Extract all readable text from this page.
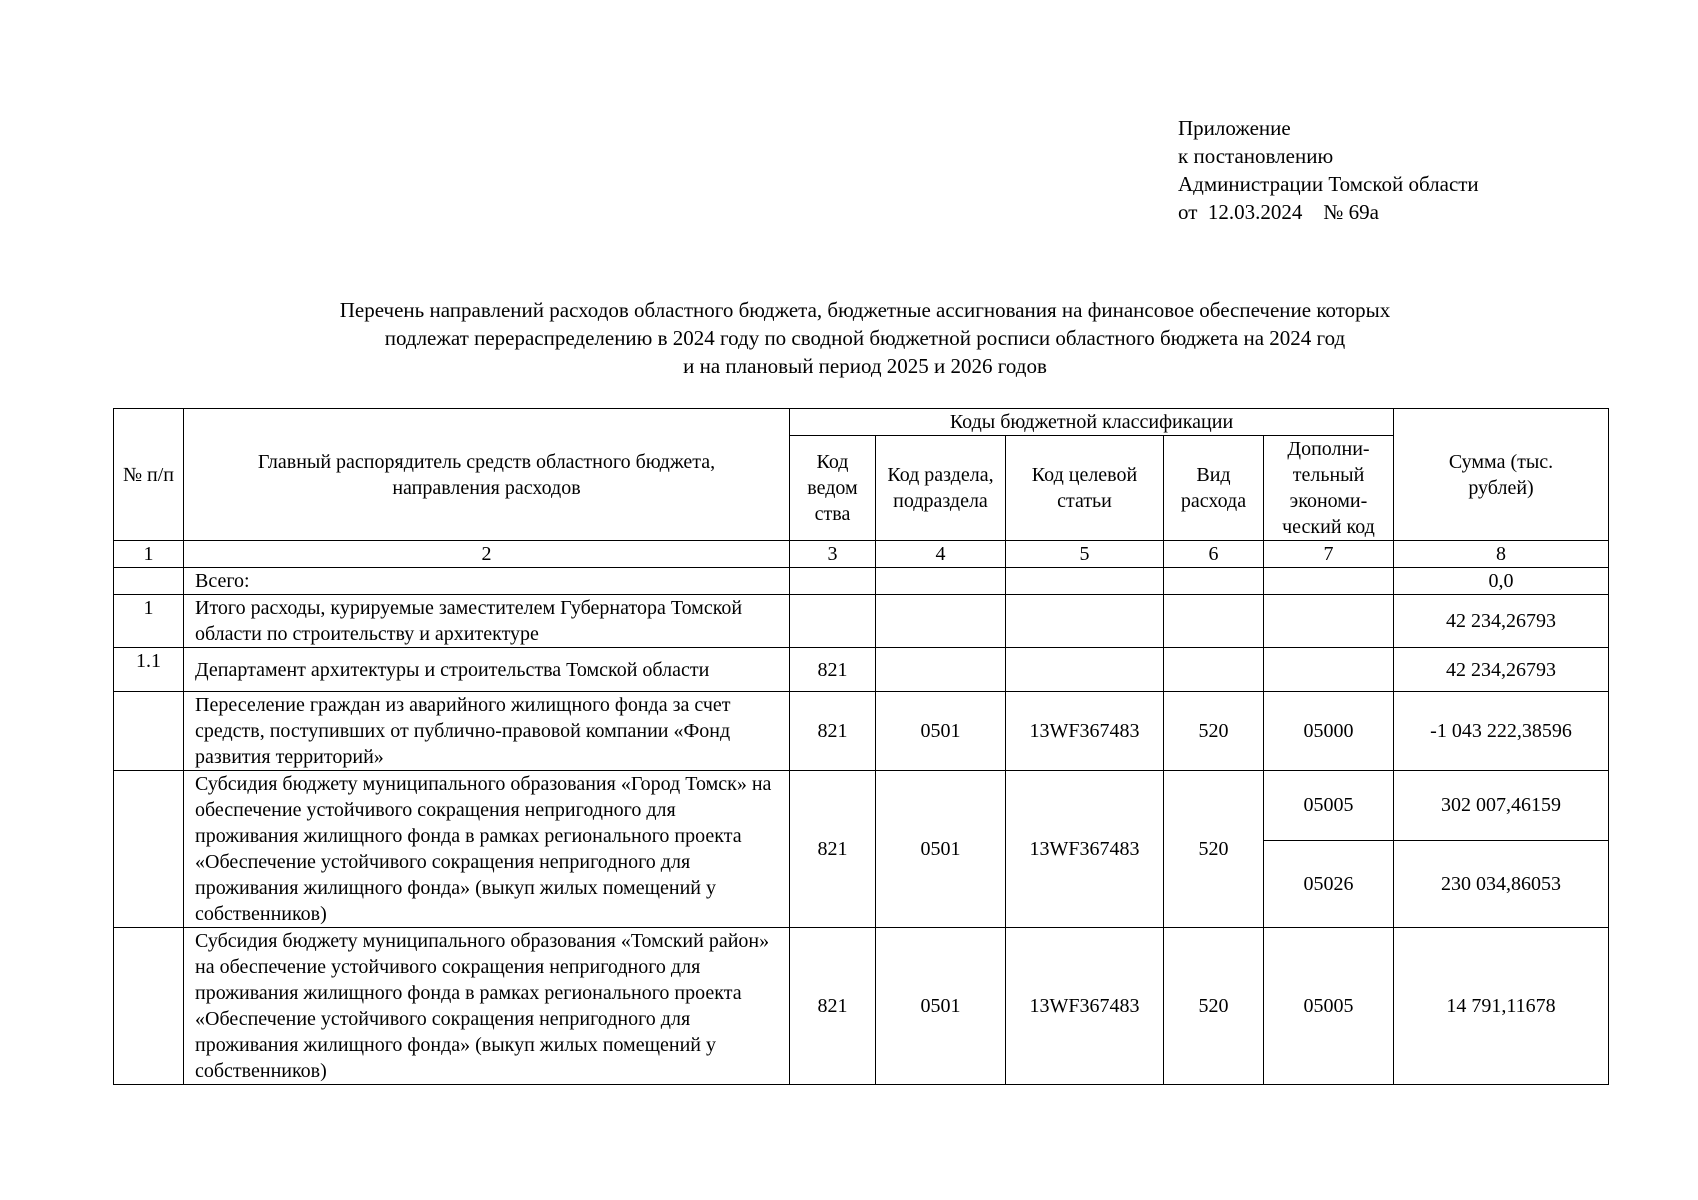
Приложение
к постановлению
Администрации Томской области
от  12.03.2024    № 69а
Перечень направлений расходов областного бюджета, бюджетные ассигнования на финансовое обеспечение которых
подлежат перераспределению в 2024 году по сводной бюджетной росписи областного бюджета на 2024 год
и на плановый период 2025 и 2026 годов
№ п/п	Главный распорядитель средств областного бюджета, направления расходов	Коды бюджетной классификации					Сумма (тыс. рублей)
		Код ведом ства	Код раздела, подраздела	Код целевой статьи	Вид расхода	Дополни-тельный экономи-ческий код	
1	2	3	4	5	6	7	8
	Всего:						0,0
1	Итого расходы, курируемые заместителем Губернатора Томской области по строительству и архитектуре						42 234,26793
1.1	Департамент архитектуры и строительства Томской области	821					42 234,26793
	Переселение граждан из аварийного жилищного фонда за счет средств, поступивших от публично-правовой компании «Фонд развития территорий»	821	0501	13WF367483	520	05000	-1 043 222,38596
	Субсидия бюджету муниципального образования «Город Томск» на обеспечение устойчивого сокращения непригодного для проживания жилищного фонда в рамках регионального проекта «Обеспечение устойчивого сокращения непригодного для проживания жилищного фонда» (выкуп жилых помещений у собственников)	821	0501	13WF367483	520	05005	302 007,46159
						05026	230 034,86053
	Субсидия бюджету муниципального образования «Томский район» на обеспечение устойчивого сокращения непригодного для проживания жилищного фонда в рамках регионального проекта «Обеспечение устойчивого сокращения непригодного для проживания жилищного фонда» (выкуп жилых помещений у собственников)	821	0501	13WF367483	520	05005	14 791,11678
